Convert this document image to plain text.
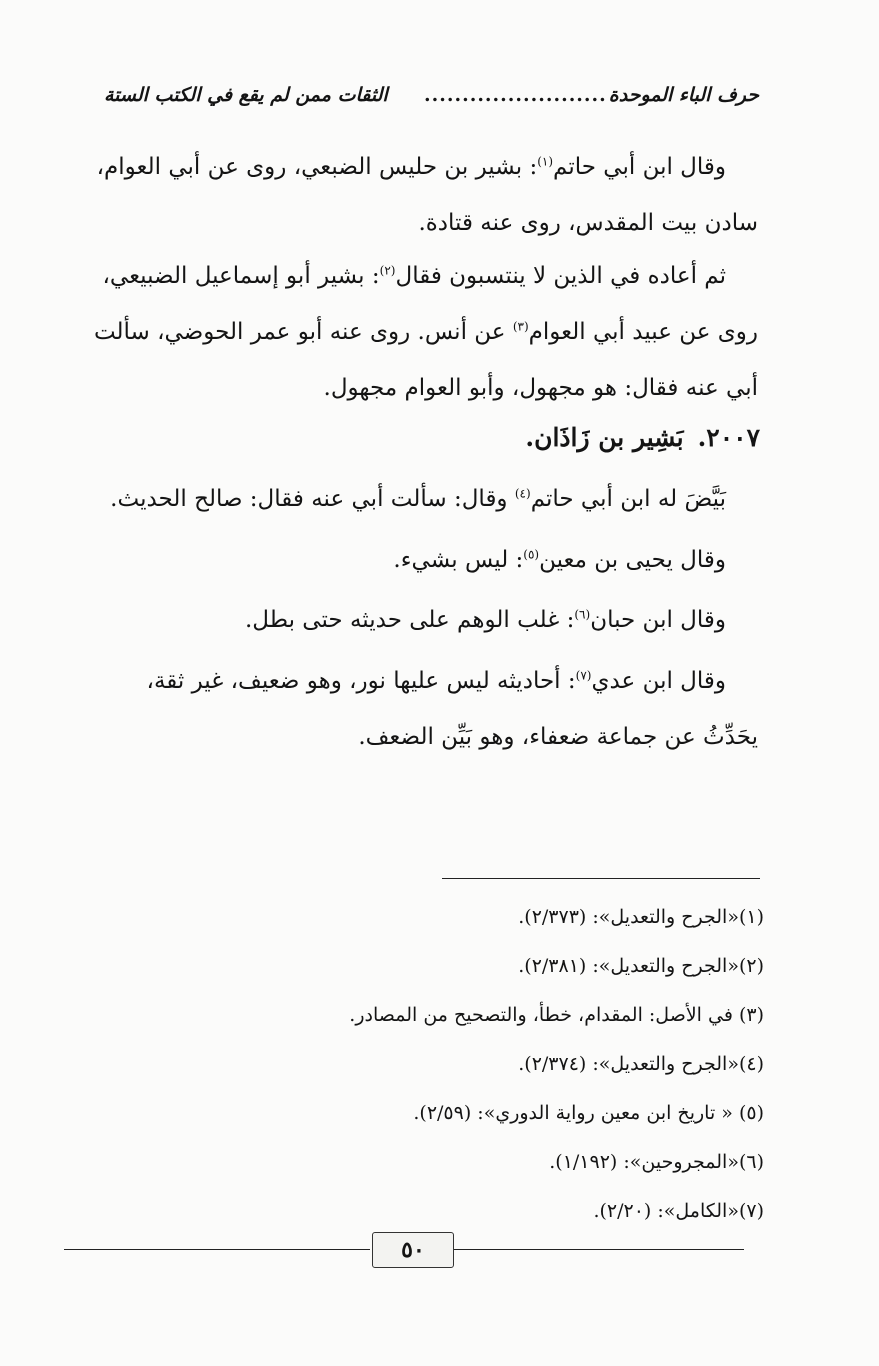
حرف الباء الموحدة
........................
الثقات ممن لم يقع في الكتب الستة

وقال ابن أبي حاتم$^{(١)}$: بشير بن حليس الضبعي، روى عن أبي العوام، سادن بيت المقدس، روى عنه قتادة.

ثم أعاده في الذين لا ينتسبون فقال$^{(٢)}$: بشير أبو إسماعيل الضبيعي، روى عن عبيد أبي العوام$^{(٣)}$ عن أنس. روى عنه أبو عمر الحوضي، سألت أبي عنه فقال: هو مجهول، وأبو العوام مجهول.

٢٠٠٧.بَشِير بن زَاذَان.

بَيَّضَ له ابن أبي حاتم$^{(٤)}$ وقال: سألت أبي عنه فقال: صالح الحديث.

وقال يحيى بن معين$^{(٥)}$: ليس بشيء.

وقال ابن حبان$^{(٦)}$: غلب الوهم على حديثه حتى بطل.

وقال ابن عدي$^{(٧)}$: أحاديثه ليس عليها نور، وهو ضعيف، غير ثقة، يحَدِّثُ عن جماعة ضعفاء، وهو بَيِّن الضعف.

(١)«الجرح والتعديل»: (٢/٣٧٣).
(٢)«الجرح والتعديل»: (٢/٣٨١).
(٣) في الأصل: المقدام، خطأ، والتصحيح من المصادر.
(٤)«الجرح والتعديل»: (٢/٣٧٤).
(٥) « تاريخ ابن معين رواية الدوري»: (٢/٥٩).
(٦)«المجروحين»: (١/١٩٢).
(٧)«الكامل»: (٢/٢٠).
٥٠
